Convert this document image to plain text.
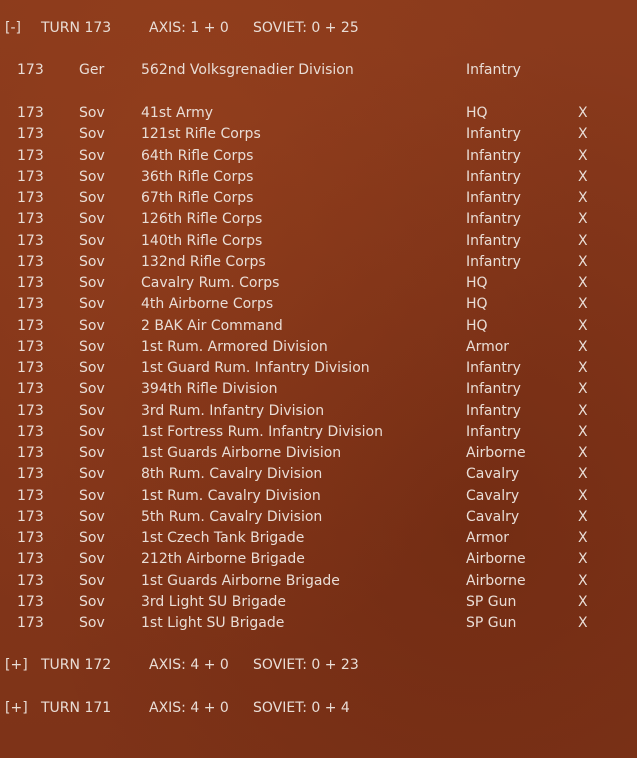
[-] TURN 173	AXIS: 1 + 0 SOVIET: 0 + 25
173	Ger	562nd Volksgrenadier Division	Infantry
173	Sov	41st Army	HQ	X
173	Sov	121st Rifle Corps	Infantry	X
173	Sov	64th Rifle Corps	Infantry	X
173	Sov	36th Rifle Corps	Infantry	X
173	Sov	67th Rifle Corps	Infantry	X
173	Sov	126th Rifle Corps	Infantry	X
173	Sov	140th Rifle Corps	Infantry	X
173	Sov	132nd Rifle Corps	Infantry	X
173	Sov	Cavalry Rum. Corps	HQ	X
173	Sov	4th Airborne Corps	HQ	X
173	Sov	2 BAK Air Command	HQ	X
173	Sov	1st Rum. Armored Division	Armor	X
173	Sov	1st Guard Rum. Infantry Division	Infantry	X
173	Sov	394th Rifle Division	Infantry	X
173	Sov	3rd Rum. Infantry Division	Infantry	X
173	Sov	1st Fortress Rum. Infantry Division	Infantry	X
173	Sov	1st Guards Airborne Division	Airborne	X
173	Sov	8th Rum. Cavalry Division	Cavalry	X
173	Sov	1st Rum. Cavalry Division	Cavalry	X
173	Sov	5th Rum. Cavalry Division	Cavalry	X
173	Sov	1st Czech Tank Brigade	Armor	X
173	Sov	212th Airborne Brigade	Airborne	X
173	Sov	1st Guards Airborne Brigade	Airborne	X
173	Sov	3rd Light SU Brigade	SP Gun	X
173	Sov	1st Light SU Brigade	SP Gun	X
[+] TURN 172	AXIS: 4 + 0 SOVIET: 0 + 23
[+] TURN 171	AXIS: 4 + 0 SOVIET: 0 + 4
